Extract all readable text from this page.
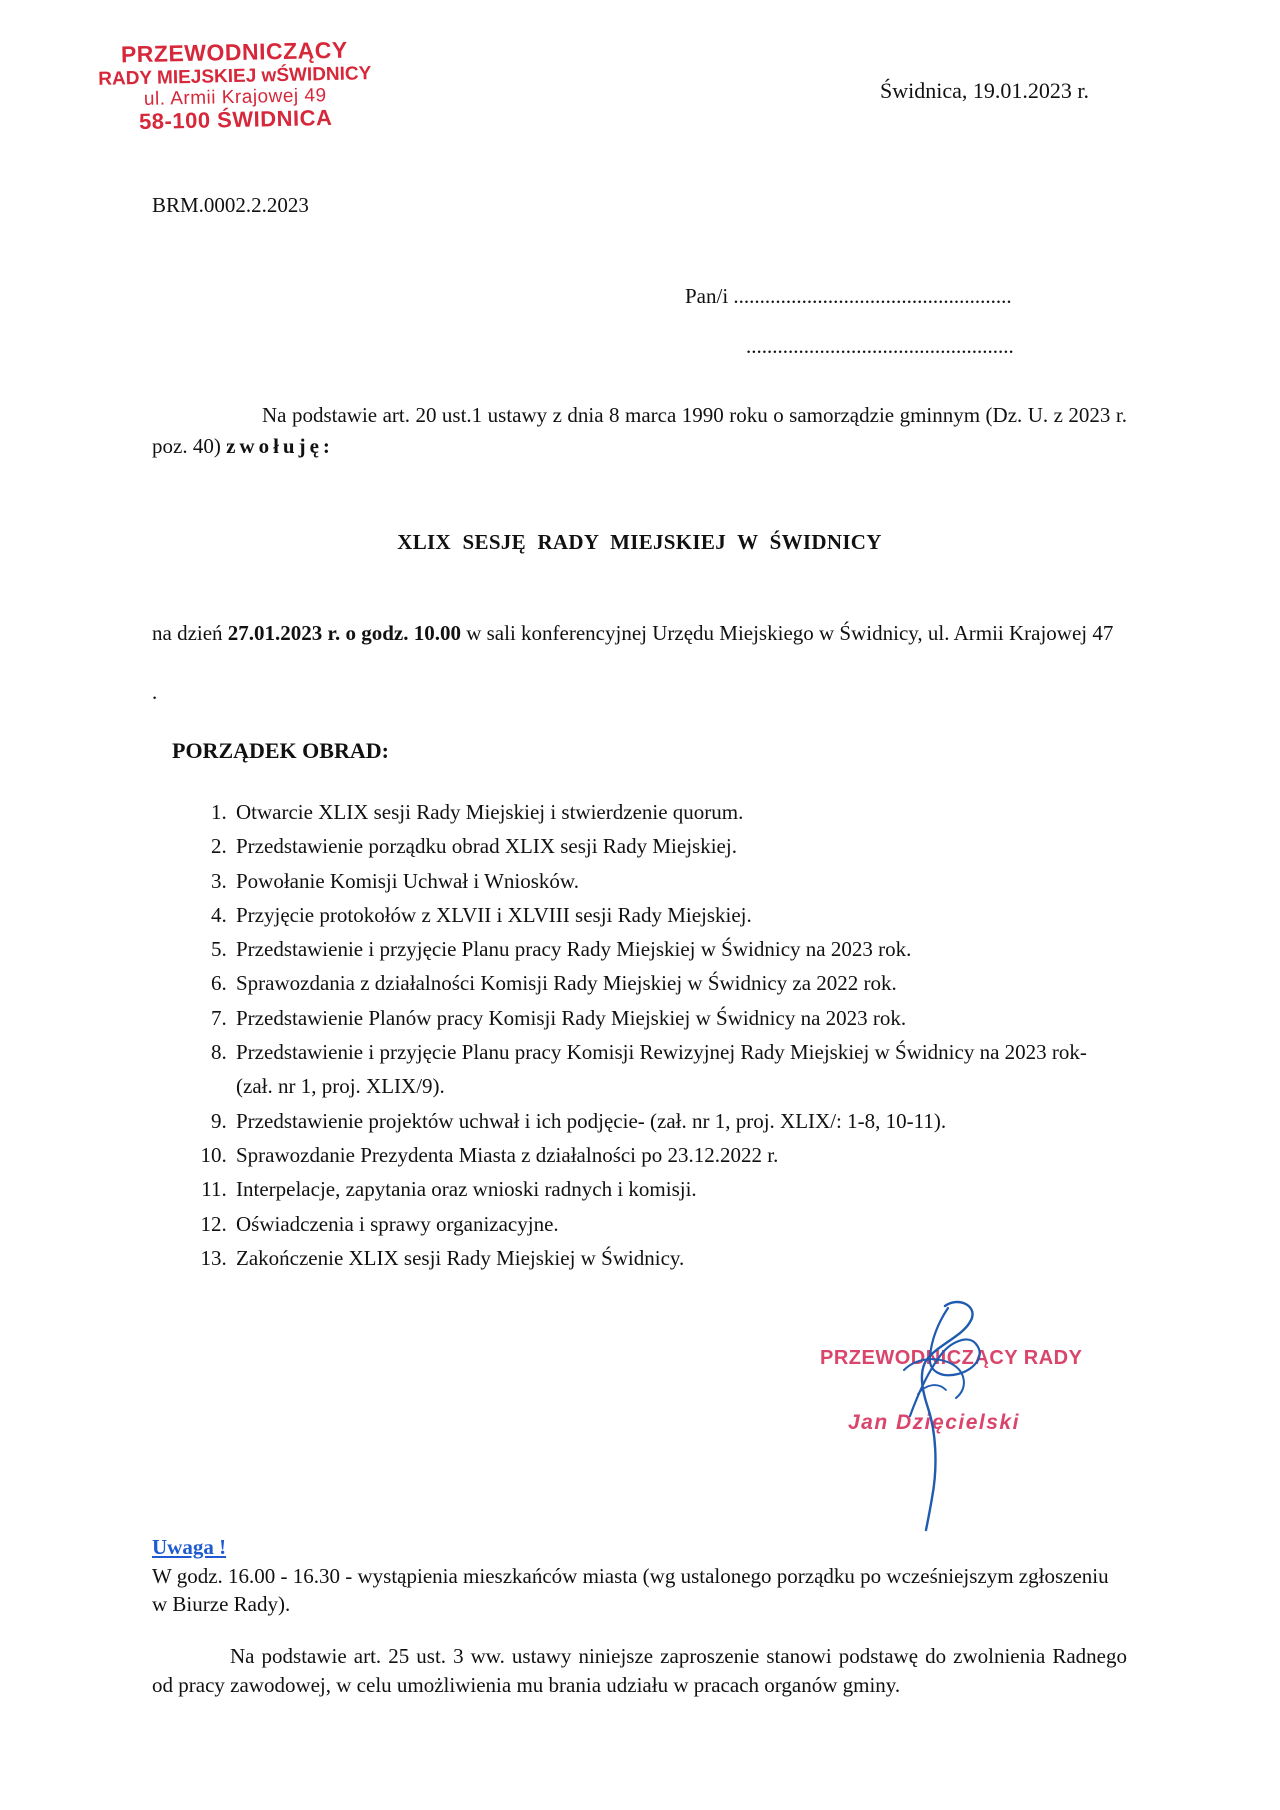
PRZEWODNICZĄCY
RADY MIEJSKIEJ wŚWIDNICY
ul. Armii Krajowej 49
58-100 ŚWIDNICA
Świdnica, 19.01.2023 r.
BRM.0002.2.2023
Pan/i .....................................................
...................................................
Na podstawie art. 20 ust.1 ustawy z dnia 8 marca 1990 roku o samorządzie gminnym (Dz. U. z 2023 r. poz. 40) zwołuję:
XLIX SESJĘ RADY MIEJSKIEJ W ŚWIDNICY
na dzień 27.01.2023 r. o godz. 10.00 w sali konferencyjnej Urzędu Miejskiego w Świdnicy, ul. Armii Krajowej 47
.
PORZĄDEK OBRAD:
1. Otwarcie XLIX sesji Rady Miejskiej i stwierdzenie quorum.
2. Przedstawienie porządku obrad XLIX sesji Rady Miejskiej.
3. Powołanie Komisji Uchwał i Wniosków.
4. Przyjęcie protokołów z XLVII i XLVIII sesji Rady Miejskiej.
5. Przedstawienie i przyjęcie Planu pracy Rady Miejskiej w Świdnicy na 2023 rok.
6. Sprawozdania z działalności Komisji Rady Miejskiej w Świdnicy za 2022 rok.
7. Przedstawienie Planów pracy Komisji Rady Miejskiej w Świdnicy na 2023 rok.
8. Przedstawienie i przyjęcie Planu pracy Komisji Rewizyjnej Rady Miejskiej w Świdnicy na 2023 rok- (zał. nr 1, proj. XLIX/9).
9. Przedstawienie projektów uchwał i ich podjęcie- (zał. nr 1, proj. XLIX/: 1-8, 10-11).
10. Sprawozdanie Prezydenta Miasta z działalności po 23.12.2022 r.
11. Interpelacje, zapytania oraz wnioski radnych i komisji.
12. Oświadczenia i sprawy organizacyjne.
13. Zakończenie XLIX sesji Rady Miejskiej w Świdnicy.
PRZEWODNICZĄCY RADY
Jan Dzięcielski
Uwaga !
W godz. 16.00 - 16.30 - wystąpienia mieszkańców miasta (wg ustalonego porządku po wcześniejszym zgłoszeniu w Biurze Rady).
Na podstawie art. 25 ust. 3 ww. ustawy niniejsze zaproszenie stanowi podstawę do zwolnienia Radnego od pracy zawodowej, w celu umożliwienia mu brania udziału w pracach organów gminy.
